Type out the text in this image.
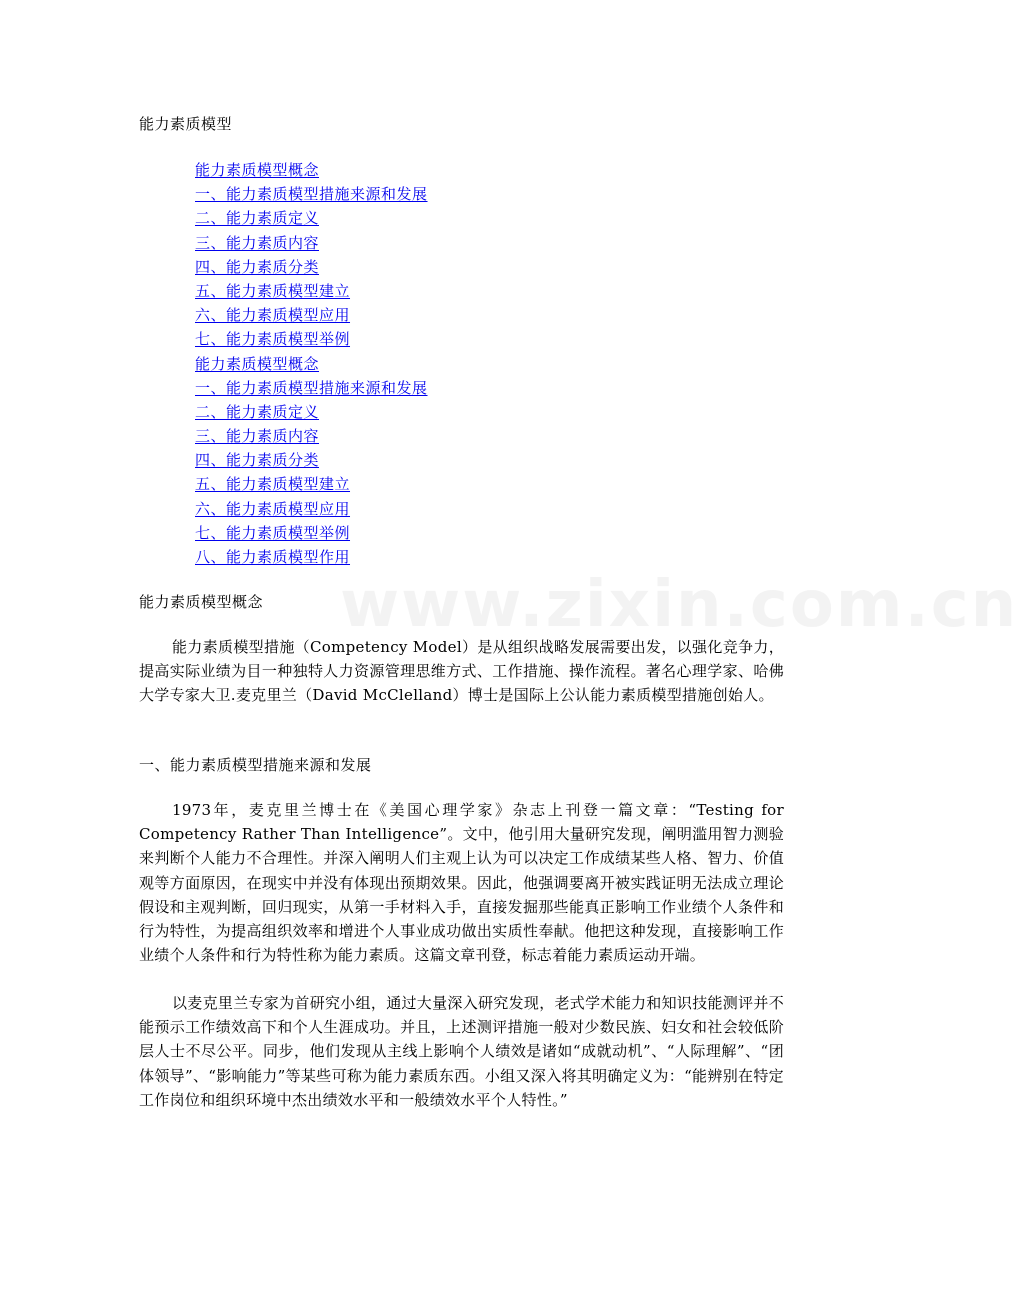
www.zixin.com.cn
能力素质模型
能力素质模型概念
一、能力素质模型措施来源和发展
二、能力素质定义
三、能力素质内容
四、能力素质分类
五、能力素质模型建立
六、能力素质模型应用
七、能力素质模型举例
能力素质模型概念
一、能力素质模型措施来源和发展
二、能力素质定义
三、能力素质内容
四、能力素质分类
五、能力素质模型建立
六、能力素质模型应用
七、能力素质模型举例
八、能力素质模型作用
能力素质模型概念

能力素质模型措施（Competency Model）是从组织战略发展需要出发，以强化竞争力，提高实际业绩为目一种独特人力资源管理思维方式、工作措施、操作流程。著名心理学家、哈佛大学专家大卫.麦克里兰（David McClelland）博士是国际上公认能力素质模型措施创始人。

一、能力素质模型措施来源和发展

1973年，麦克里兰博士在《美国心理学家》杂志上刊登一篇文章：“Testing for Competency Rather Than Intelligence”。文中，他引用大量研究发现，阐明滥用智力测验来判断个人能力不合理性。并深入阐明人们主观上认为可以决定工作成绩某些人格、智力、价值观等方面原因，在现实中并没有体现出预期效果。因此，他强调要离开被实践证明无法成立理论假设和主观判断，回归现实，从第一手材料入手，直接发掘那些能真正影响工作业绩个人条件和行为特性，为提高组织效率和增进个人事业成功做出实质性奉献。他把这种发现，直接影响工作业绩个人条件和行为特性称为能力素质。这篇文章刊登，标志着能力素质运动开端。

以麦克里兰专家为首研究小组，通过大量深入研究发现，老式学术能力和知识技能测评并不能预示工作绩效高下和个人生涯成功。并且，上述测评措施一般对少数民族、妇女和社会较低阶层人士不尽公平。同步，他们发现从主线上影响个人绩效是诸如“成就动机”、“人际理解”、“团体领导”、“影响能力”等某些可称为能力素质东西。小组又深入将其明确定义为：“能辨别在特定工作岗位和组织环境中杰出绩效水平和一般绩效水平个人特性。”
